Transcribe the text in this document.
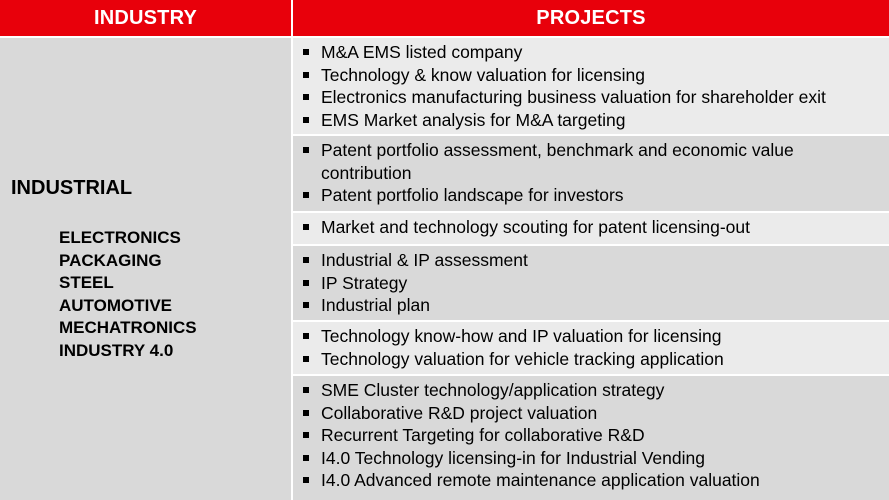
INDUSTRY	PROJECTS
INDUSTRIAL
ELECTRONICS
PACKAGING
STEEL
AUTOMOTIVE
MECHATRONICS
INDUSTRY 4.0
M&A EMS listed company
Technology & know valuation for licensing
Electronics manufacturing business valuation for shareholder exit
EMS Market analysis for M&A targeting
Patent portfolio assessment, benchmark and economic value contribution
Patent portfolio landscape for investors
Market and technology scouting for patent licensing-out
Industrial & IP assessment
IP Strategy
Industrial plan
Technology know-how and IP valuation for licensing
Technology valuation for vehicle tracking application
SME Cluster technology/application strategy
Collaborative R&D project valuation
Recurrent Targeting for collaborative R&D
I4.0 Technology licensing-in for Industrial Vending
I4.0 Advanced remote maintenance application valuation
